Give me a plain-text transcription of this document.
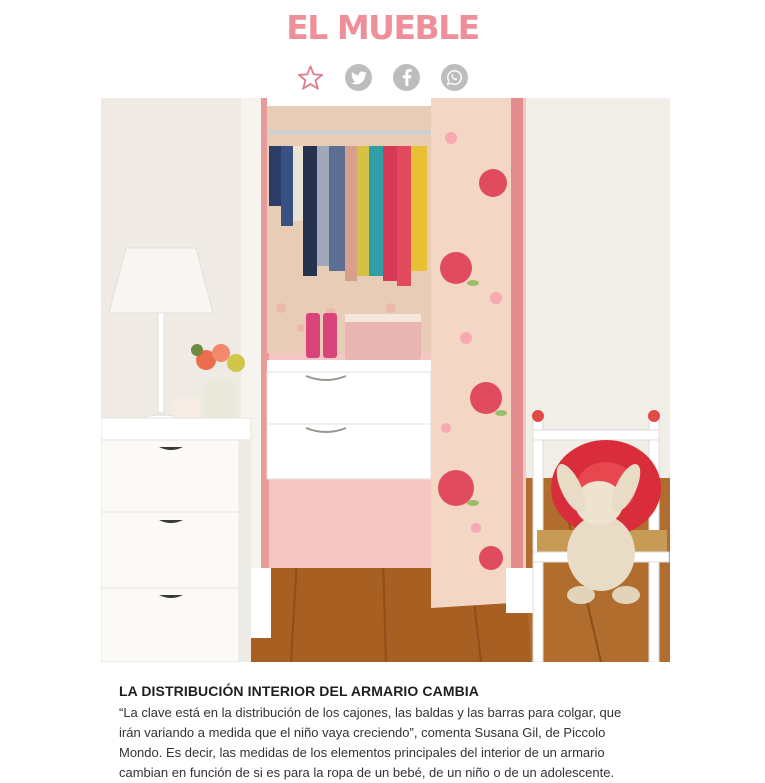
EL MUEBLE
LA DISTRIBUCIÓN INTERIOR DEL ARMARIO CAMBIA

“La clave está en la distribución de los cajones, las baldas y las barras para colgar, que irán variando a medida que el niño vaya creciendo”, comenta Susana Gil, de Piccolo Mondo. Es decir, las medidas de los elementos principales del interior de un armario cambian en función de si es para la ropa de un bebé, de un niño o de un adolescente.
